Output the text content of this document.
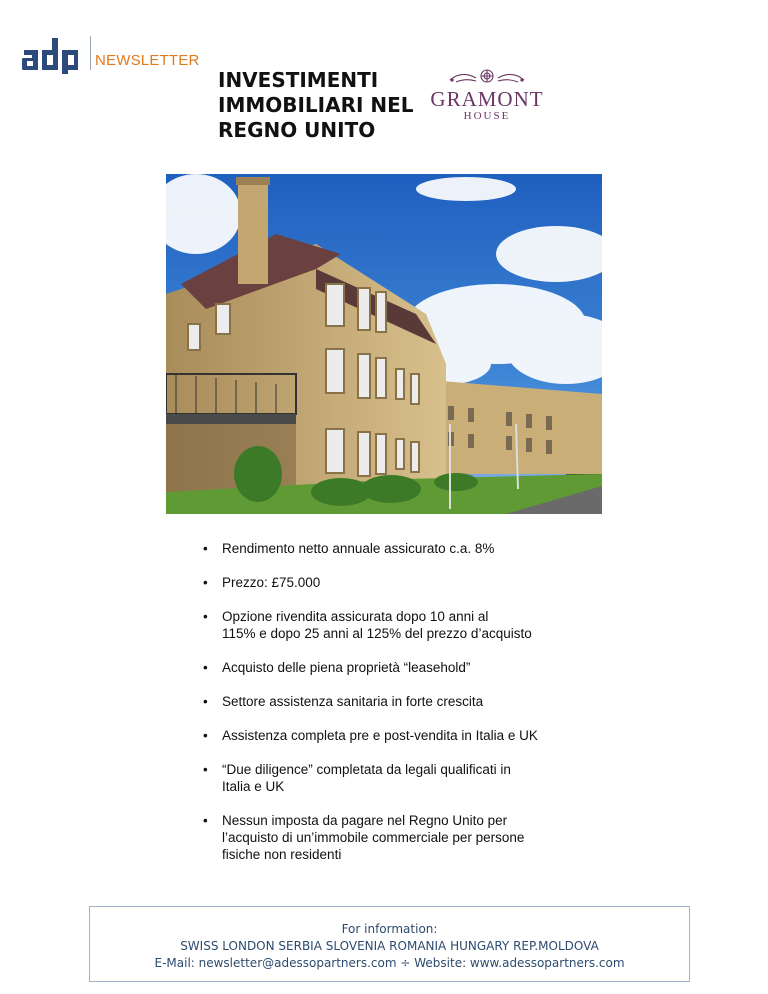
NEWSLETTER
INVESTIMENTI
IMMOBILIARI NEL
REGNO UNITO
GRAMONT
HOUSE
• Rendimento netto annuale assicurato c.a. 8%
• Prezzo: £75.000
• Opzione rivendita assicurata dopo 10 anni al
115% e dopo 25 anni al 125% del prezzo d’acquisto
• Acquisto delle piena proprietà “leasehold”
• Settore assistenza sanitaria in forte crescita
• Assistenza completa pre e post-vendita in Italia e UK
• “Due diligence” completata da legali qualificati in
Italia e UK
• Nessun imposta da pagare nel Regno Unito per
l’acquisto di un’immobile commerciale per persone
fisiche non residenti
For information:
SWISS LONDON SERBIA SLOVENIA ROMANIA HUNGARY REP.MOLDOVA
E-Mail: newsletter@adessopartners.com ÷ Website: www.adessopartners.com
